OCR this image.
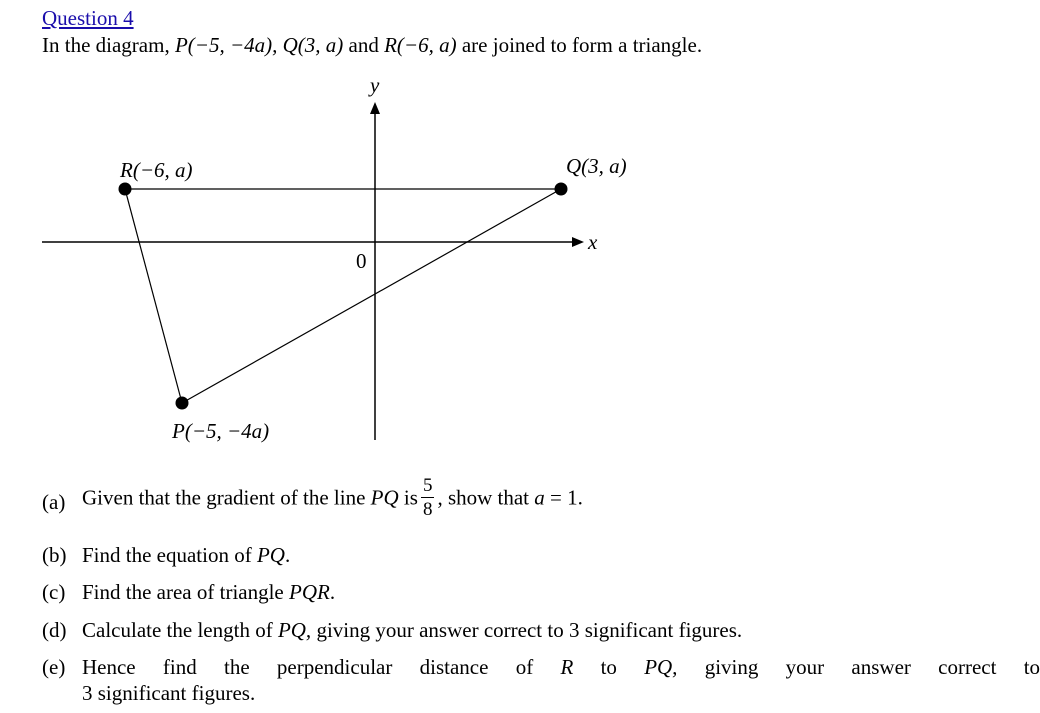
Question 4
In the diagram, P(−5, −4a), Q(3, a) and R(−6, a) are joined to form a triangle.
x
y
0
R(−6, a)	Q(3, a)
P(−5, −4a)
(a) Given that the gradient of the line PQ is $\frac{5}{8}$ , show that a = 1.
(b) Find the equation of PQ.
(c) Find the area of triangle PQR.
(d) Calculate the length of PQ, giving your answer correct to 3 significant figures.
(e) Hence find the perpendicular distance of R to PQ, giving your answer correct to
3 significant figures.
